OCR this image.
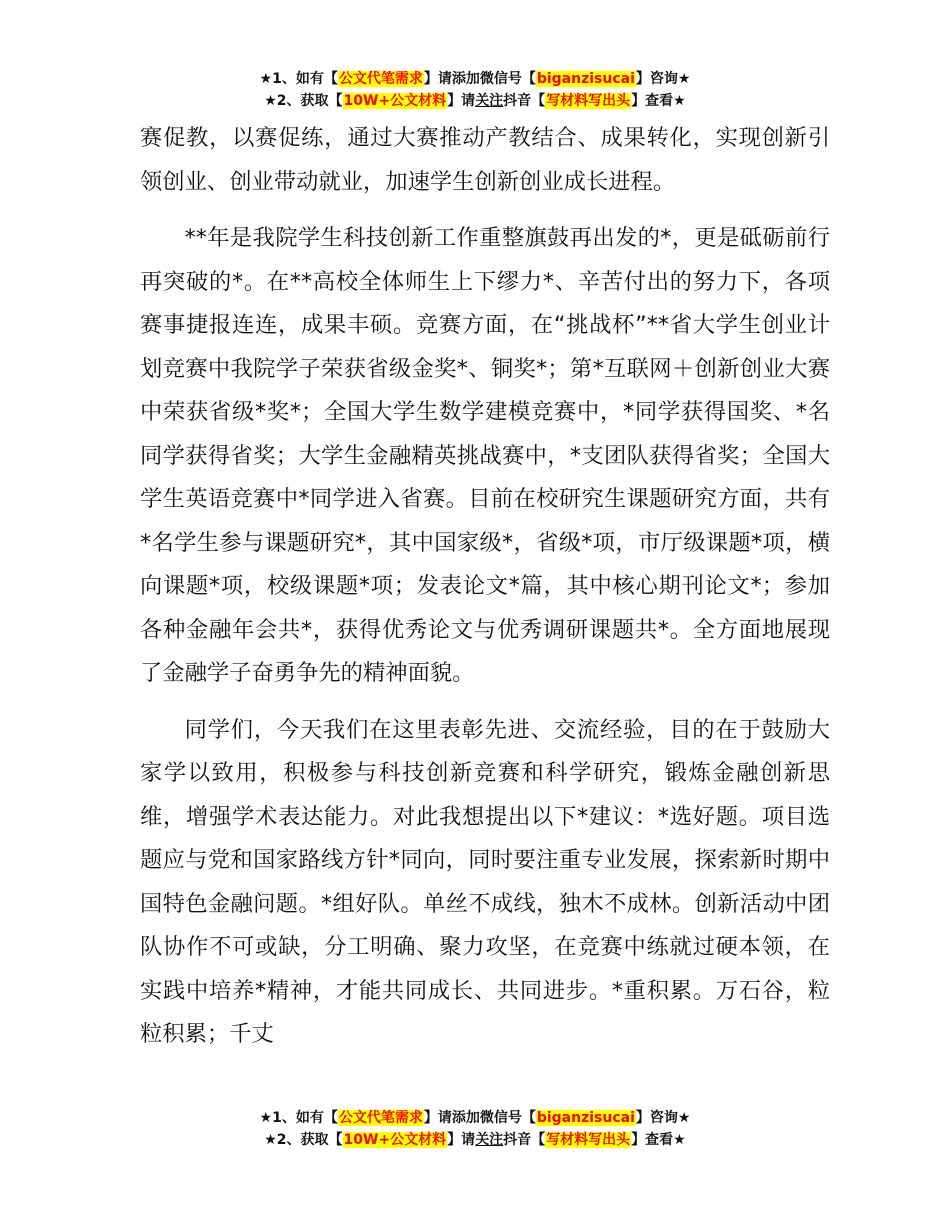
★1、如有【公文代笔需求】请添加微信号【biganzisucai】咨询★
★2、获取【10W+公文材料】请关注抖音【写材料写出头】查看★

赛促教，以赛促练，通过大赛推动产教结合、成果转化，实现创新引领创业、创业带动就业，加速学生创新创业成长进程。

**年是我院学生科技创新工作重整旗鼓再出发的*，更是砥砺前行再突破的*。在**高校全体师生上下缪力*、辛苦付出的努力下，各项赛事捷报连连，成果丰硕。竞赛方面，在“挑战杯”**省大学生创业计划竞赛中我院学子荣获省级金奖*、铜奖*；第*互联网＋创新创业大赛中荣获省级*奖*；全国大学生数学建模竞赛中，*同学获得国奖、*名同学获得省奖；大学生金融精英挑战赛中，*支团队获得省奖；全国大学生英语竞赛中*同学进入省赛。目前在校研究生课题研究方面，共有*名学生参与课题研究*，其中国家级*，省级*项，市厅级课题*项，横向课题*项，校级课题*项；发表论文*篇，其中核心期刊论文*；参加各种金融年会共*，获得优秀论文与优秀调研课题共*。全方面地展现了金融学子奋勇争先的精神面貌。

同学们，今天我们在这里表彰先进、交流经验，目的在于鼓励大家学以致用，积极参与科技创新竞赛和科学研究，锻炼金融创新思维，增强学术表达能力。对此我想提出以下*建议：*选好题。项目选题应与党和国家路线方针*同向，同时要注重专业发展，探索新时期中国特色金融问题。*组好队。单丝不成线，独木不成林。创新活动中团队协作不可或缺，分工明确、聚力攻坚，在竞赛中练就过硬本领，在实践中培养*精神，才能共同成长、共同进步。*重积累。万石谷，粒粒积累；千丈

★1、如有【公文代笔需求】请添加微信号【biganzisucai】咨询★
★2、获取【10W+公文材料】请关注抖音【写材料写出头】查看★
